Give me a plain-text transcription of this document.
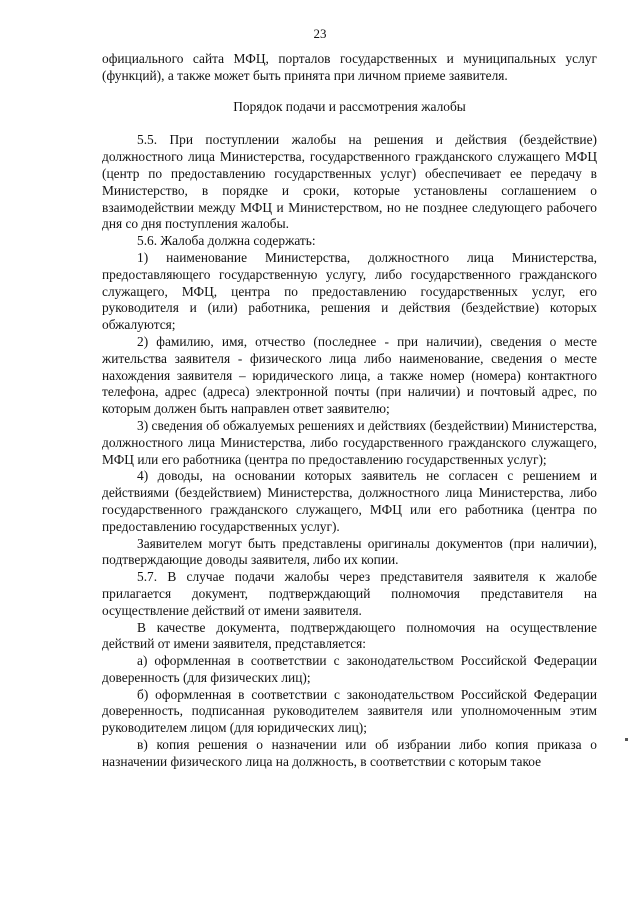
23

официального сайта МФЦ, порталов государственных и муниципальных услуг (функций), а также может быть принята при личном приеме заявителя.

Порядок подачи и рассмотрения жалобы

5.5. При поступлении жалобы на решения и действия (бездействие) должностного лица Министерства, государственного гражданского служащего МФЦ (центр по предоставлению государственных услуг) обеспечивает ее передачу в Министерство, в порядке и сроки, которые установлены соглашением о взаимодействии между МФЦ и Министерством, но не позднее следующего рабочего дня со дня поступления жалобы.

5.6. Жалоба должна содержать:

1) наименование Министерства, должностного лица Министерства, предоставляющего государственную услугу, либо государственного гражданского служащего, МФЦ, центра по предоставлению государственных услуг, его руководителя и (или) работника, решения и действия (бездействие) которых обжалуются;

2) фамилию, имя, отчество (последнее - при наличии), сведения о месте жительства заявителя - физического лица либо наименование, сведения о месте нахождения заявителя – юридического лица, а также номер (номера) контактного телефона, адрес (адреса) электронной почты (при наличии) и почтовый адрес, по которым должен быть направлен ответ заявителю;

3) сведения об обжалуемых решениях и действиях (бездействии) Министерства, должностного лица Министерства, либо государственного гражданского служащего, МФЦ или его работника (центра по предоставлению государственных услуг);

4) доводы, на основании которых заявитель не согласен с решением и действиями (бездействием) Министерства, должностного лица Министерства, либо государственного гражданского служащего, МФЦ или его работника (центра по предоставлению государственных услуг).

Заявителем могут быть представлены оригиналы документов (при наличии), подтверждающие доводы заявителя, либо их копии.

5.7. В случае подачи жалобы через представителя заявителя к жалобе прилагается документ, подтверждающий полномочия представителя на осуществление действий от имени заявителя.

В качестве документа, подтверждающего полномочия на осуществление действий от имени заявителя, представляется:

а) оформленная в соответствии с законодательством Российской Федерации доверенность (для физических лиц);

б) оформленная в соответствии с законодательством Российской Федерации доверенность, подписанная руководителем заявителя или уполномоченным этим руководителем лицом (для юридических лиц);

в) копия решения о назначении или об избрании либо копия приказа о назначении физического лица на должность, в соответствии с которым такое
